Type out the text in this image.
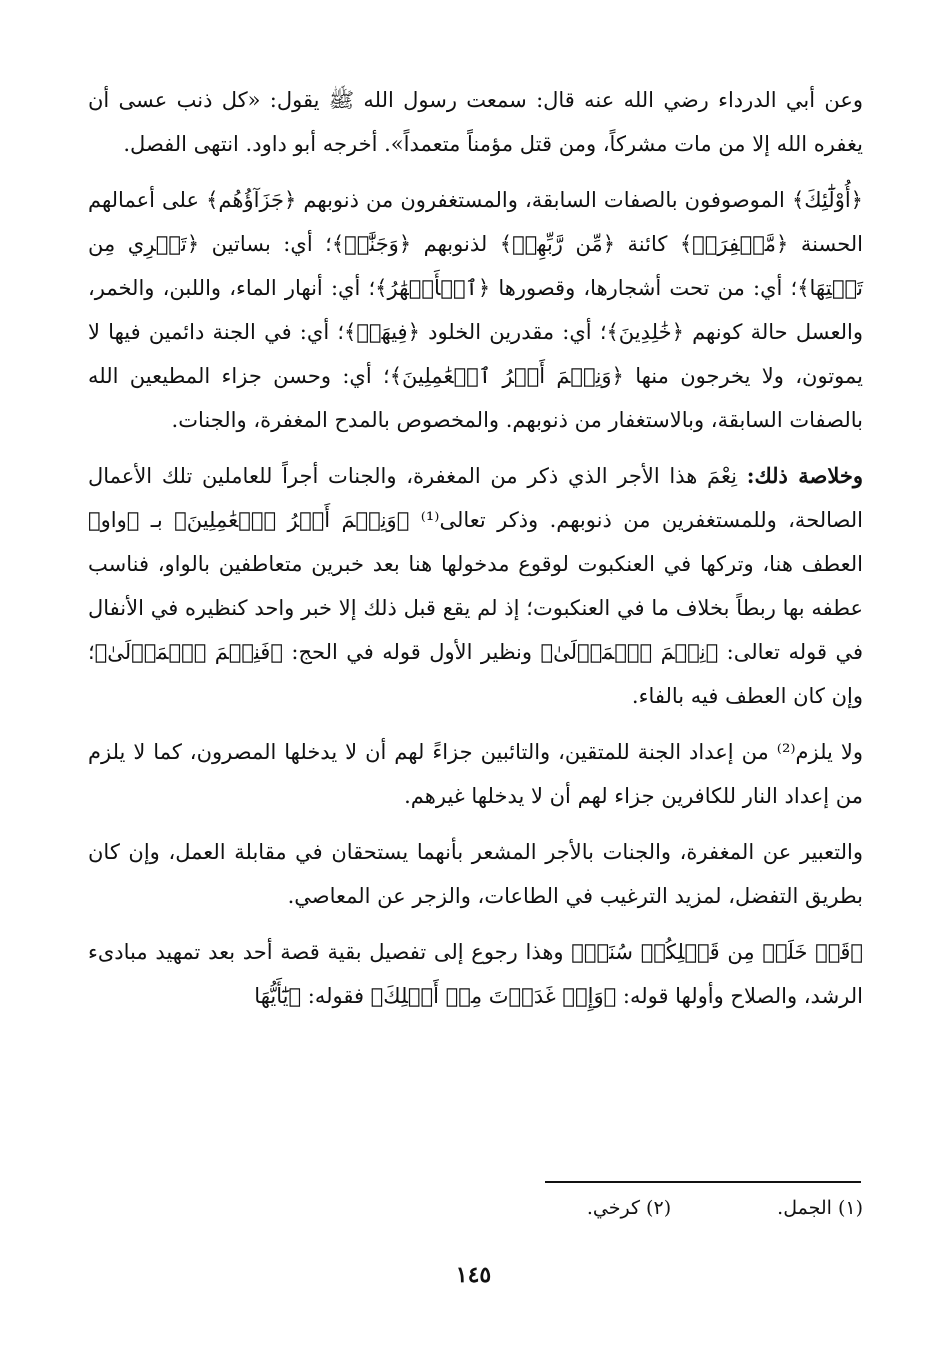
وعن أبي الدرداء رضي الله عنه قال: سمعت رسول الله ﷺ يقول: «كل ذنب عسى أن يغفره الله إلا من مات مشركاً، ومن قتل مؤمناً متعمداً». أخرجه أبو داود. انتهى الفصل.

﴿أُوْلَٰٓئِكَ﴾ الموصوفون بالصفات السابقة، والمستغفرون من ذنوبهم ﴿جَزَآؤُهُم﴾ على أعمالهم الحسنة ﴿مَّغۡفِرَةٞ﴾ كائنة ﴿مِّن رَّبِّهِمۡ﴾ لذنوبهم ﴿وَجَنَّٰتٞ﴾؛ أي: بساتين ﴿تَجۡرِي مِن تَحۡتِهَا﴾؛ أي: من تحت أشجارها، وقصورها ﴿ٱلۡأَنۡهَٰرُ﴾؛ أي: أنهار الماء، واللبن، والخمر، والعسل حالة كونهم ﴿خَٰلِدِينَ﴾؛ أي: مقدرين الخلود ﴿فِيهَاۚ﴾؛ أي: في الجنة دائمين فيها لا يموتون، ولا يخرجون منها ﴿وَنِعۡمَ أَجۡرُ ٱلۡعَٰمِلِينَ﴾؛ أي: وحسن جزاء المطيعين الله بالصفات السابقة، وبالاستغفار من ذنوبهم. والمخصوص بالمدح المغفرة، والجنات.

وخلاصة ذلك: نِعْمَ هذا الأجر الذي ذكر من المغفرة، والجنات أجراً للعاملين تلك الأعمال الصالحة، وللمستغفرين من ذنوبهم. وذكر تعالى⁽¹⁾ ﴿وَنِعۡمَ أَجۡرُ ٱلۡعَٰمِلِينَ﴾ بـ ﴿واو﴾ العطف هنا، وتركها في العنكبوت لوقوع مدخولها هنا بعد خبرين متعاطفين بالواو، فناسب عطفه بها ربطاً بخلاف ما في العنكبوت؛ إذ لم يقع قبل ذلك إلا خبر واحد كنظيره في الأنفال في قوله تعالى: ﴿نِعۡمَ ٱلۡمَوۡلَىٰ﴾ ونظير الأول قوله في الحج: ﴿فَنِعۡمَ ٱلۡمَوۡلَىٰ﴾؛ وإن كان العطف فيه بالفاء.

ولا يلزم⁽²⁾ من إعداد الجنة للمتقين، والتائبين جزاءً لهم أن لا يدخلها المصرون، كما لا يلزم من إعداد النار للكافرين جزاء لهم أن لا يدخلها غيرهم.

والتعبير عن المغفرة، والجنات بالأجر المشعر بأنهما يستحقان في مقابلة العمل، وإن كان بطريق التفضل، لمزيد الترغيب في الطاعات، والزجر عن المعاصي.

﴿قَدۡ خَلَتۡ مِن قَبۡلِكُمۡ سُنَنٞ﴾ وهذا رجوع إلى تفصيل بقية قصة أحد بعد تمهيد مبادىء الرشد، والصلاح وأولها قوله: ﴿وَإِذۡ غَدَوۡتَ مِنۡ أَهۡلِكَ﴾ فقوله: ﴿يَٰٓأَيُّهَا

(١) الجمل. (٢) كرخي.
١٤٥
